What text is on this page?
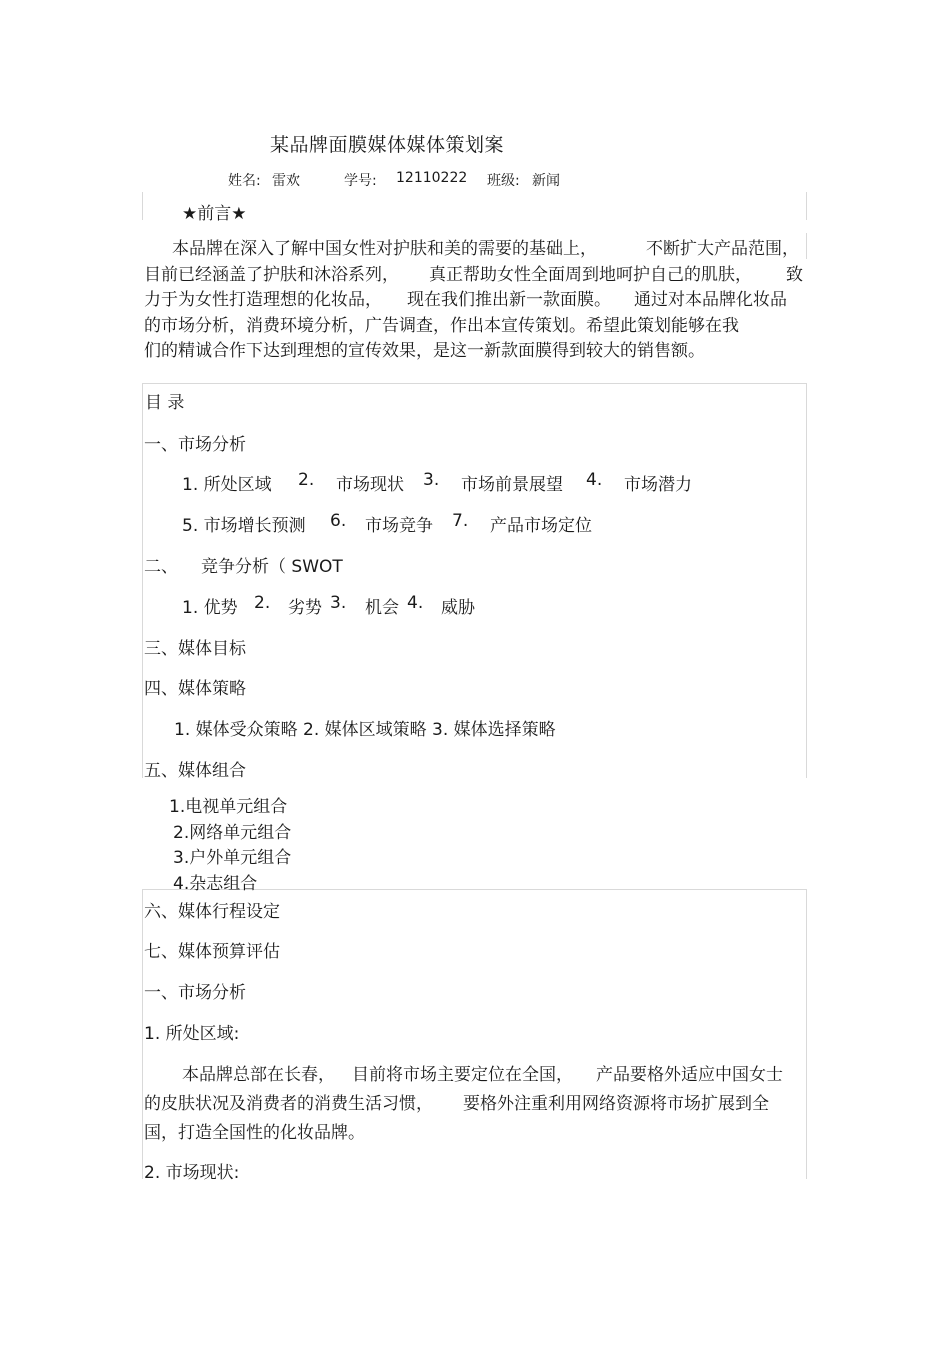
某品牌面膜媒体媒体策划案
姓名: 雷欢	学号: 12110222 班级: 新闻
★前言★
本品牌在深入了解中国女性对护肤和美的需要的基础上，	不断扩大产品范围，
目前已经涵盖了护肤和沐浴系列， 真正帮助女性全面周到地呵护自己的肌肤， 致
力于为女性打造理想的化妆品， 现在我们推出新一款面膜。 通过对本品牌化妆品
的市场分析，消费环境分析，广告调查，作出本宣传策划。希望此策划能够在我
们的精诚合作下达到理想的宣传效果，是这一新款面膜得到较大的销售额。
目 录
一、市场分析
1. 所处区域 2. 市场现状 3. 市场前景展望 4. 市场潜力
5. 市场增长预测 6. 市场竞争 7. 产品市场定位
二、 竞争分析（ SWOT
1. 优势 2. 劣势 3. 机会 4. 威胁
三、媒体目标
四、媒体策略
1. 媒体受众策略 2. 媒体区域策略 3. 媒体选择策略
五、媒体组合
1.电视单元组合
2.网络单元组合
3.户外单元组合
4.杂志组合
六、媒体行程设定
七、媒体预算评估
一、市场分析
1. 所处区域:
本品牌总部在长春， 目前将市场主要定位在全国， 产品要格外适应中国女士
的皮肤状况及消费者的消费生活习惯， 要格外注重利用网络资源将市场扩展到全
国，打造全国性的化妆品牌。
2. 市场现状:
